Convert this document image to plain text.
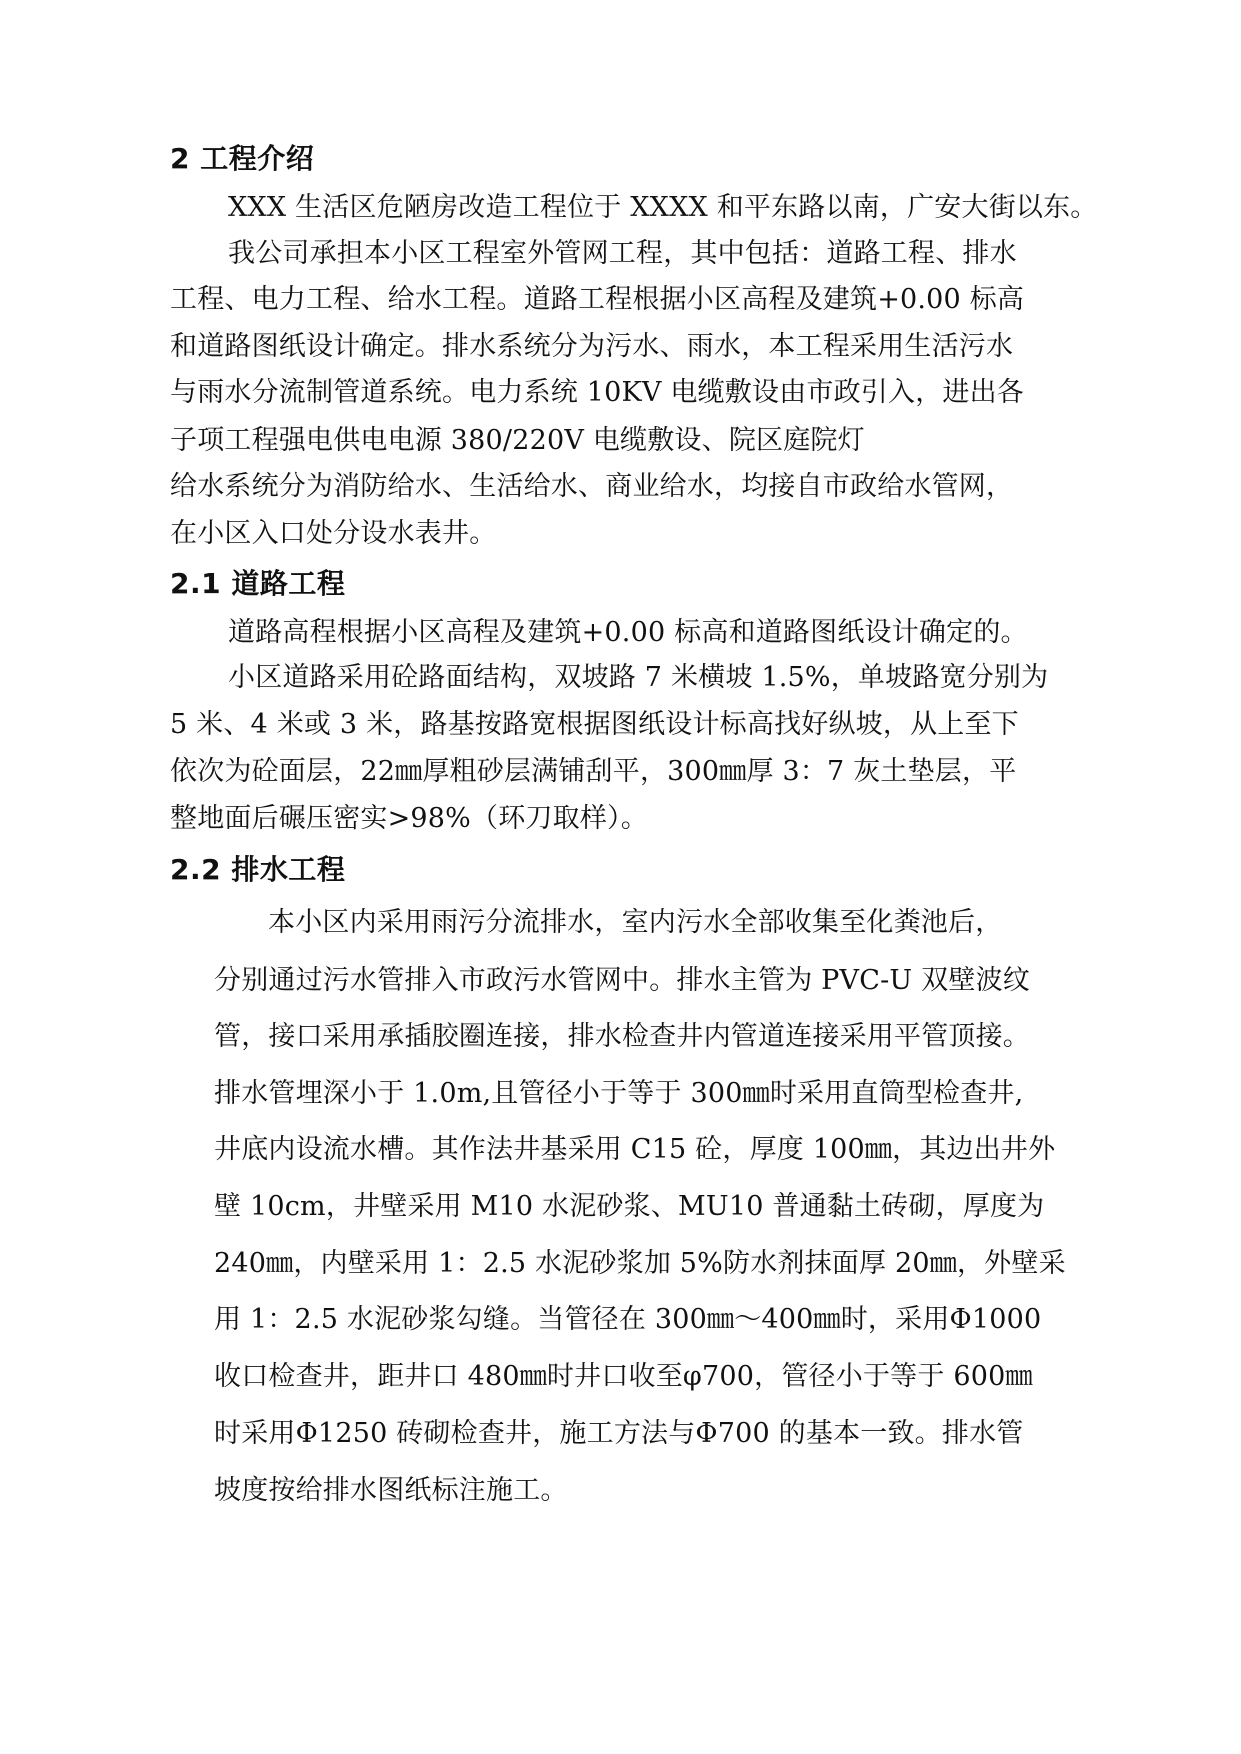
2 工程介绍
XXX 生活区危陋房改造工程位于 XXXX 和平东路以南，广安大街以东。
我公司承担本小区工程室外管网工程，其中包括：道路工程、排水
工程、电力工程、给水工程。道路工程根据小区高程及建筑+0.00 标高
和道路图纸设计确定。排水系统分为污水、雨水，本工程采用生活污水
与雨水分流制管道系统。电力系统 10KV 电缆敷设由市政引入，进出各
子项工程强电供电电源 380/220V 电缆敷设、院区庭院灯
给水系统分为消防给水、生活给水、商业给水，均接自市政给水管网，
在小区入口处分设水表井。
2.1 道路工程
道路高程根据小区高程及建筑+0.00 标高和道路图纸设计确定的。
小区道路采用砼路面结构，双坡路 7 米横坡 1.5%，单坡路宽分别为
5 米、4 米或 3 米，路基按路宽根据图纸设计标高找好纵坡，从上至下
依次为砼面层，22㎜厚粗砂层满铺刮平，300㎜厚 3：7 灰土垫层，平
整地面后碾压密实>98%（环刀取样）。
2.2 排水工程
本小区内采用雨污分流排水，室内污水全部收集至化粪池后，
分别通过污水管排入市政污水管网中。排水主管为 PVC-U 双壁波纹
管，接口采用承插胶圈连接，排水检查井内管道连接采用平管顶接。
排水管埋深小于 1.0m,且管径小于等于 300㎜时采用直筒型检查井,
井底内设流水槽。其作法井基采用 C15 砼，厚度 100㎜，其边出井外
壁 10cm，井壁采用 M10 水泥砂浆、MU10 普通黏土砖砌，厚度为
240㎜，内壁采用 1：2.5 水泥砂浆加 5%防水剂抹面厚 20㎜，外壁采
用 1：2.5 水泥砂浆勾缝。当管径在 300㎜～400㎜时，采用Φ1000
收口检查井，距井口 480㎜时井口收至φ700，管径小于等于 600㎜
时采用Φ1250 砖砌检查井，施工方法与Φ700 的基本一致。排水管
坡度按给排水图纸标注施工。
